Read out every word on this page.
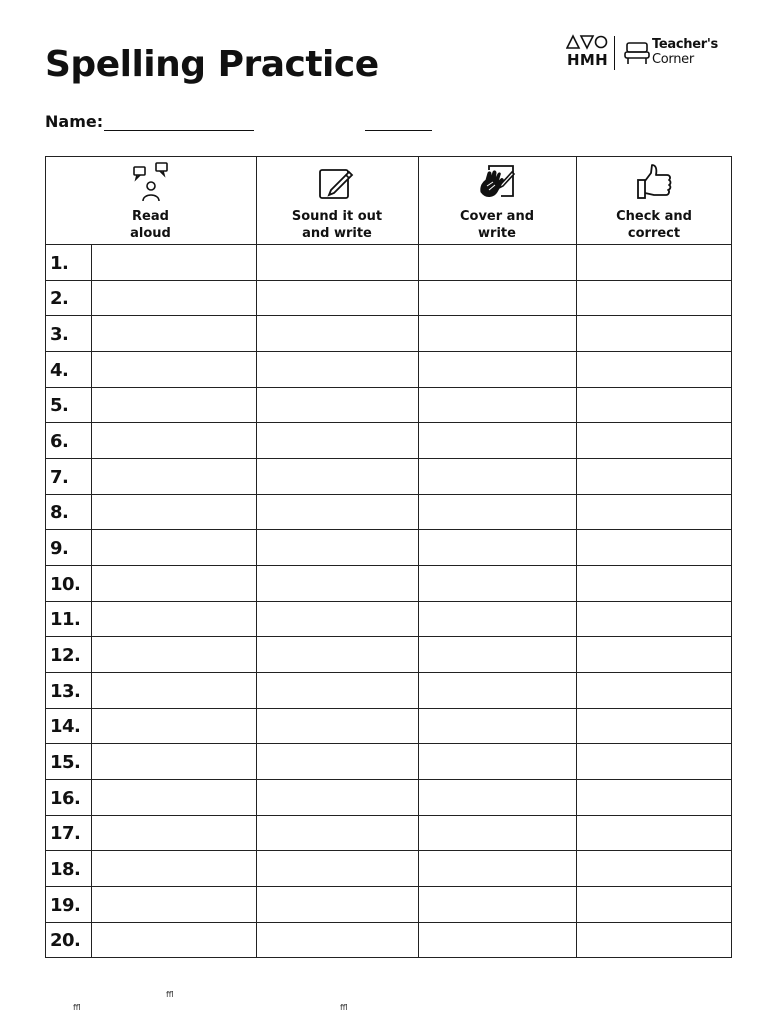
Spelling Practice	HMH
Teacher's
Corner
Name:
Read
aloud
Sound it out
and write
Cover and
write
Check and
correct
1.
2.
3.
4.
5.
6.
7.
8.
9.
10.
11.
12.
13.
14.
15.
16.
17.
18.
19.
20.
ffl
ffl	ffl
